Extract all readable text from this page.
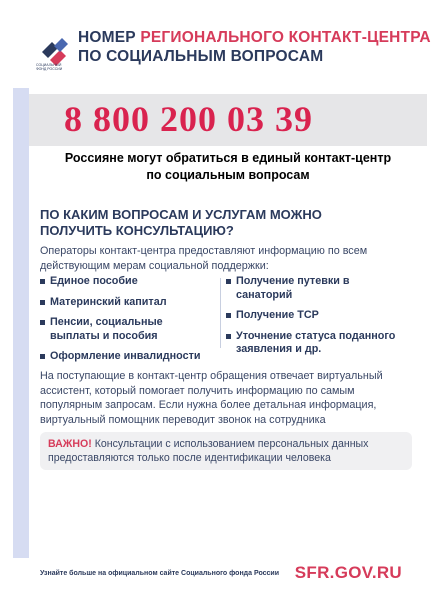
СОЦИАЛЬНЫЙ ФОНД РОССИИ
НОМЕР РЕГИОНАЛЬНОГО КОНТАКТ-ЦЕНТРА
ПО СОЦИАЛЬНЫМ ВОПРОСАМ
8 800 200 03 39
Россияне могут обратиться в единый контакт-центр
по социальным вопросам
ПО КАКИМ ВОПРОСАМ И УСЛУГАМ МОЖНО
ПОЛУЧИТЬ КОНСУЛЬТАЦИЮ?
Операторы контакт-центра предоставляют информацию по всем действующим мерам социальной поддержки:
Единое пособие
Материнский капитал
Пенсии, социальные выплаты и пособия
Оформление инвалидности
Получение путевки в санаторий
Получение ТСР
Уточнение статуса поданного заявления и др.
На поступающие в контакт-центр обращения отвечает виртуальный ассистент, который помогает получить информацию по самым популярным запросам. Если нужна более детальная информация, виртуальный помощник переводит звонок на сотрудника
ВАЖНО! Консультации с использованием персональных данных предоставляются только после идентификации человека
Узнайте больше на официальном сайте Социального фонда России SFR.GOV.RU
